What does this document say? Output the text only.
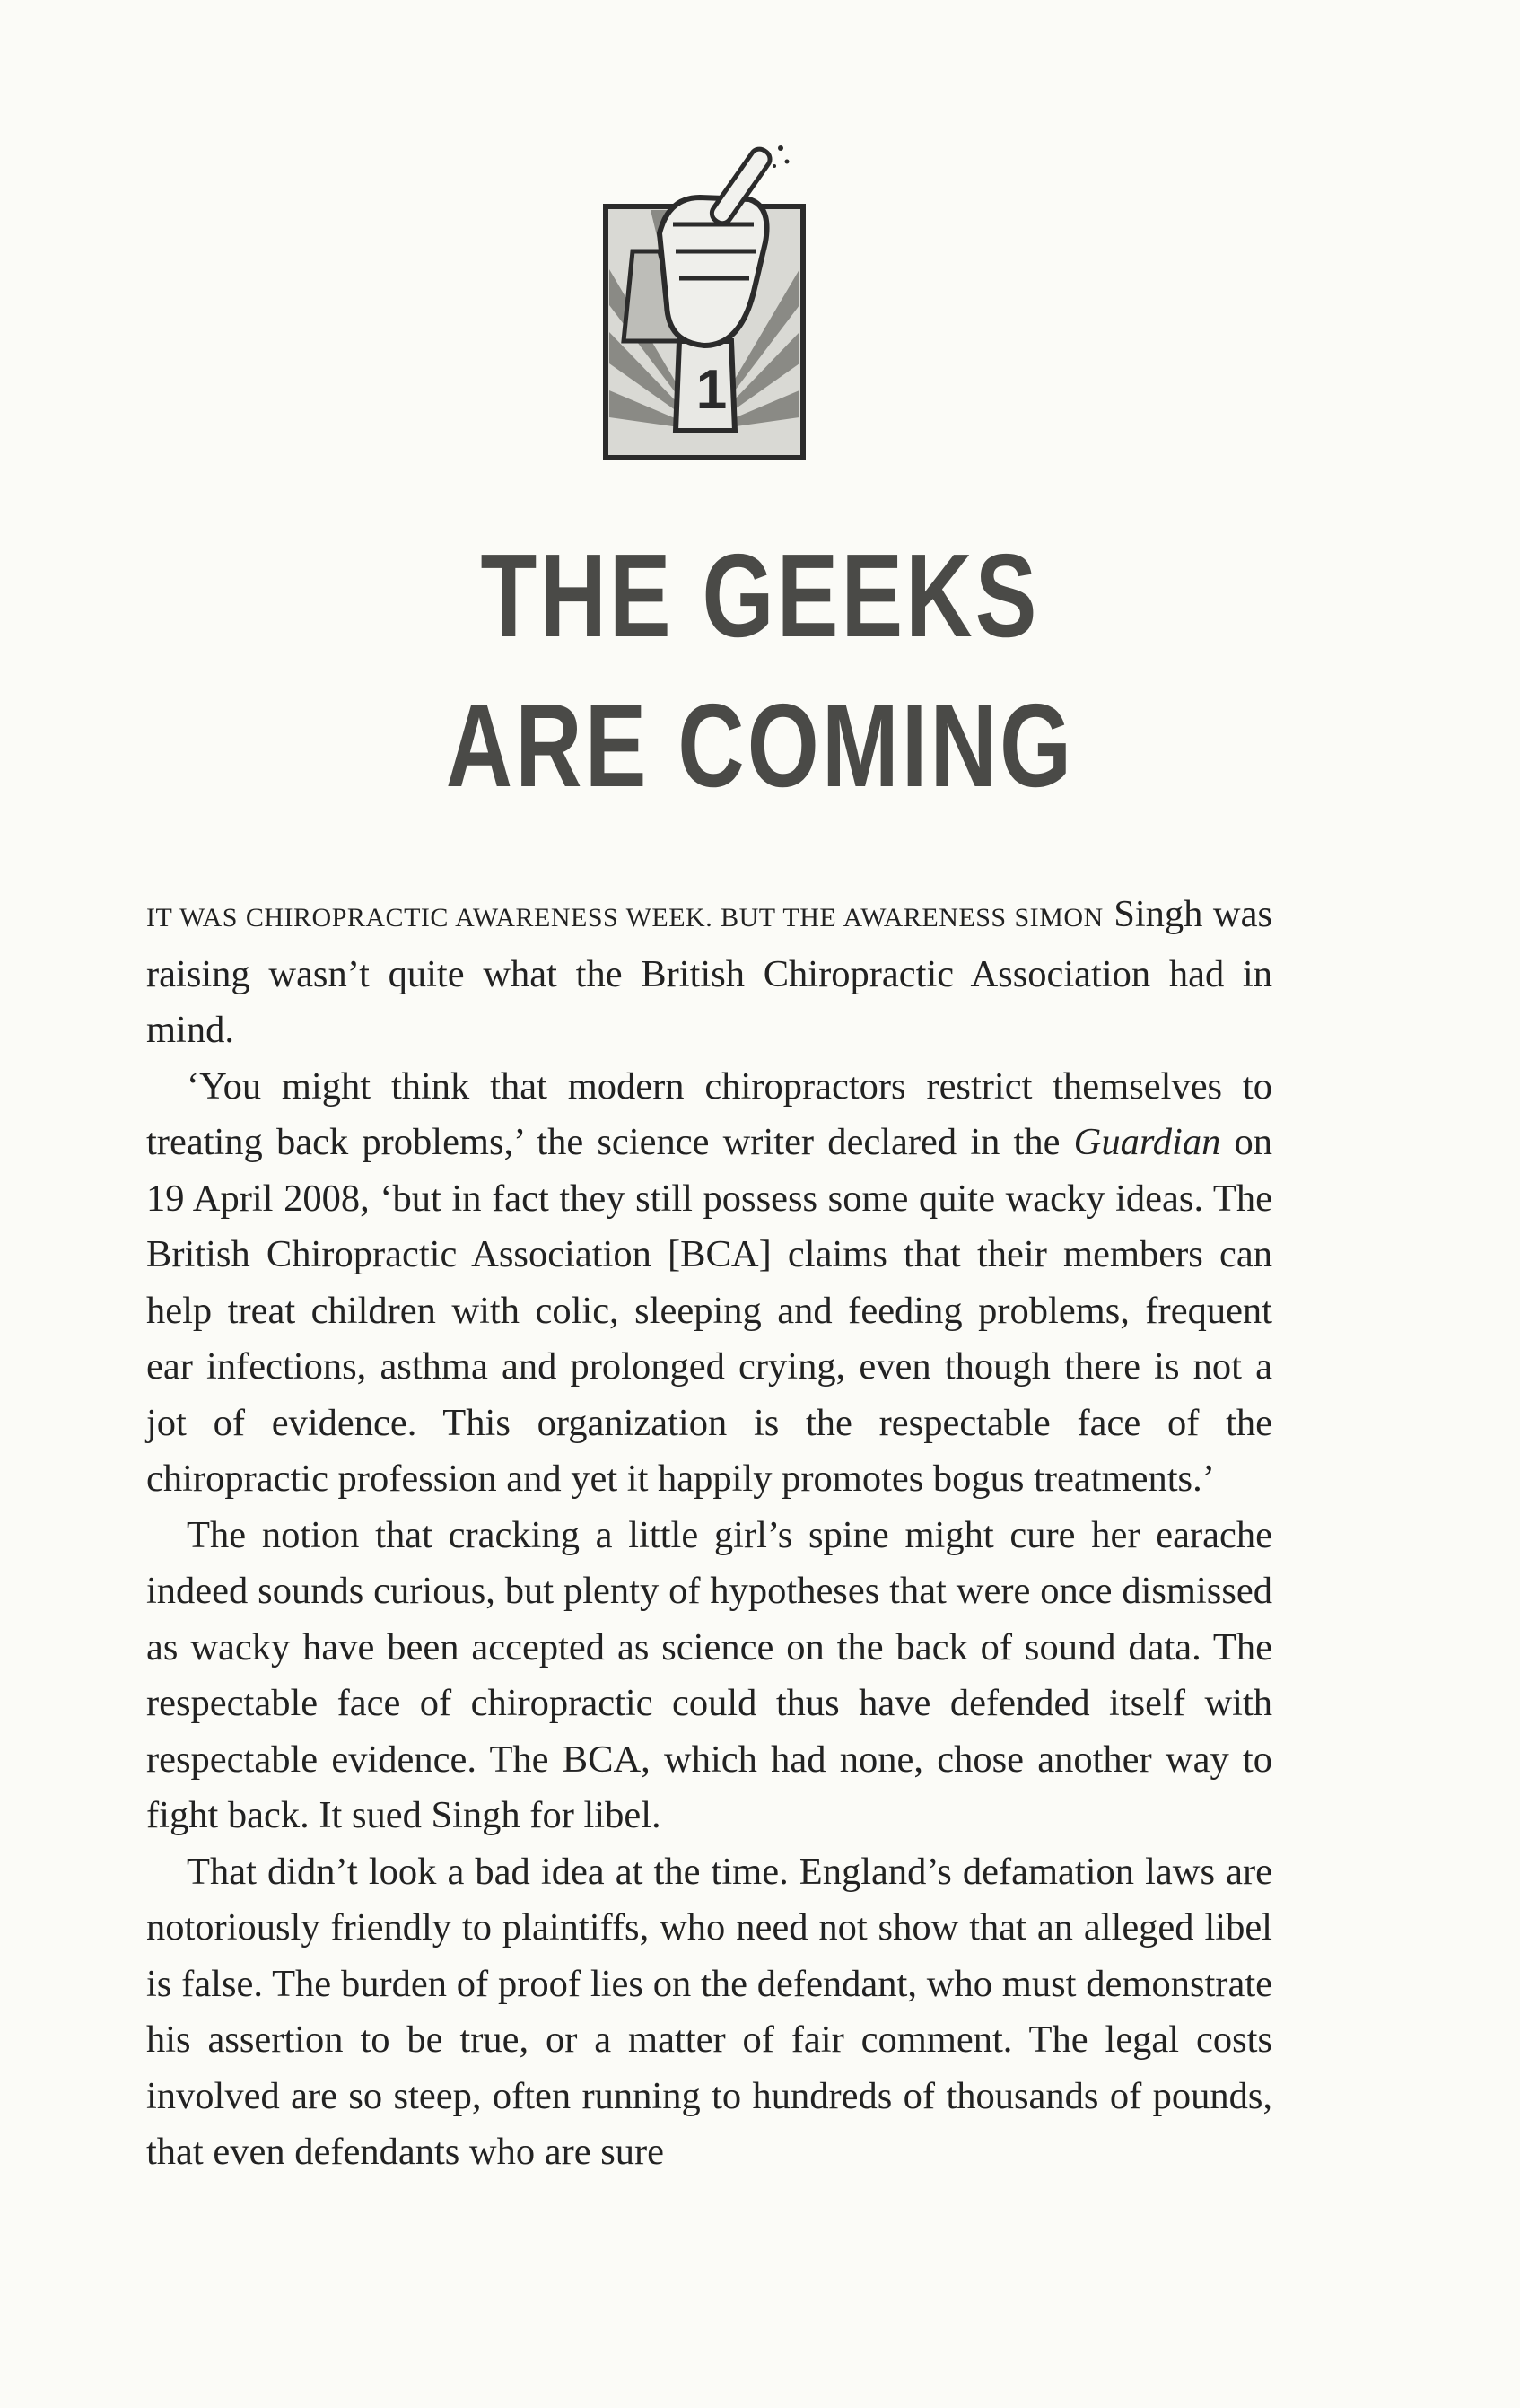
1
THE GEEKS
ARE COMING

IT WAS CHIROPRACTIC AWARENESS WEEK. BUT THE AWARENESS SIMON Singh was raising wasn’t quite what the British Chiropractic Association had in mind.

‘You might think that modern chiropractors restrict themselves to treating back problems,’ the science writer declared in the Guardian on 19 April 2008, ‘but in fact they still possess some quite wacky ideas. The British Chiropractic Association [BCA] claims that their members can help treat children with colic, sleeping and feeding problems, frequent ear infections, asthma and prolonged crying, even though there is not a jot of evidence. This organization is the respectable face of the chiropractic profession and yet it happily promotes bogus treatments.’

The notion that cracking a little girl’s spine might cure her earache indeed sounds curious, but plenty of hypotheses that were once dismissed as wacky have been accepted as science on the back of sound data. The respectable face of chiropractic could thus have defended itself with respectable evidence. The BCA, which had none, chose another way to fight back. It sued Singh for libel.

That didn’t look a bad idea at the time. England’s defamation laws are notoriously friendly to plaintiffs, who need not show that an alleged libel is false. The burden of proof lies on the defendant, who must demonstrate his assertion to be true, or a matter of fair comment. The legal costs involved are so steep, often running to hundreds of thousands of pounds, that even defendants who are sure
